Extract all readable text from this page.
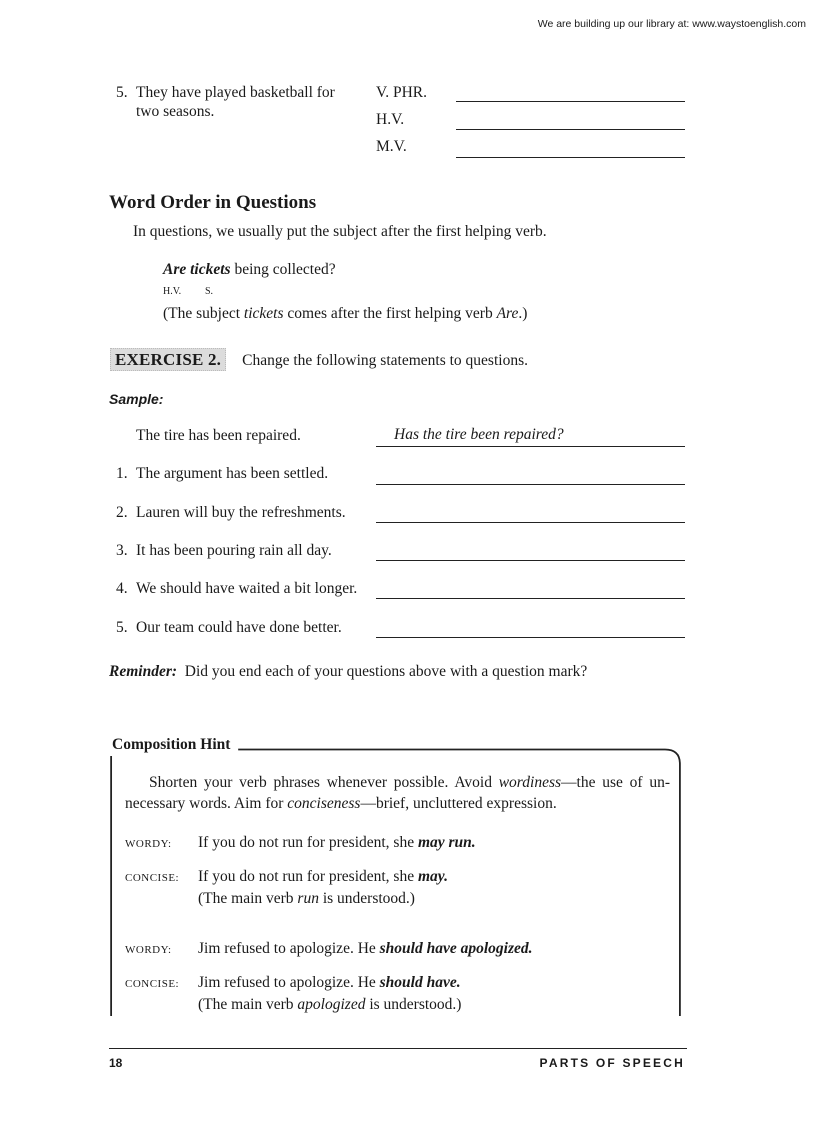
We are building up our library at: www.waystoenglish.com
5. They have played basketball for
two seasons.
V. PHR.
H.V.
M.V.
Word Order in Questions
In questions, we usually put the subject after the first helping verb.
Are tickets being collected?
H.V. S.
(The subject tickets comes after the first helping verb Are.)
EXERCISE 2. Change the following statements to questions.
Sample:
The tire has been repaired.	Has the tire been repaired?
1. The argument has been settled.
2. Lauren will buy the refreshments.
3. It has been pouring rain all day.
4. We should have waited a bit longer.
5. Our team could have done better.
Reminder: Did you end each of your questions above with a question mark?
Composition Hint
Shorten your verb phrases whenever possible. Avoid wordiness—the use of un-
necessary words. Aim for conciseness—brief, uncluttered expression.
WORDY: If you do not run for president, she may run.
CONCISE: If you do not run for president, she may.
(The main verb run is understood.)
WORDY: Jim refused to apologize. He should have apologized.
CONCISE: Jim refused to apologize. He should have.
(The main verb apologized is understood.)
18	PARTS OF SPEECH
